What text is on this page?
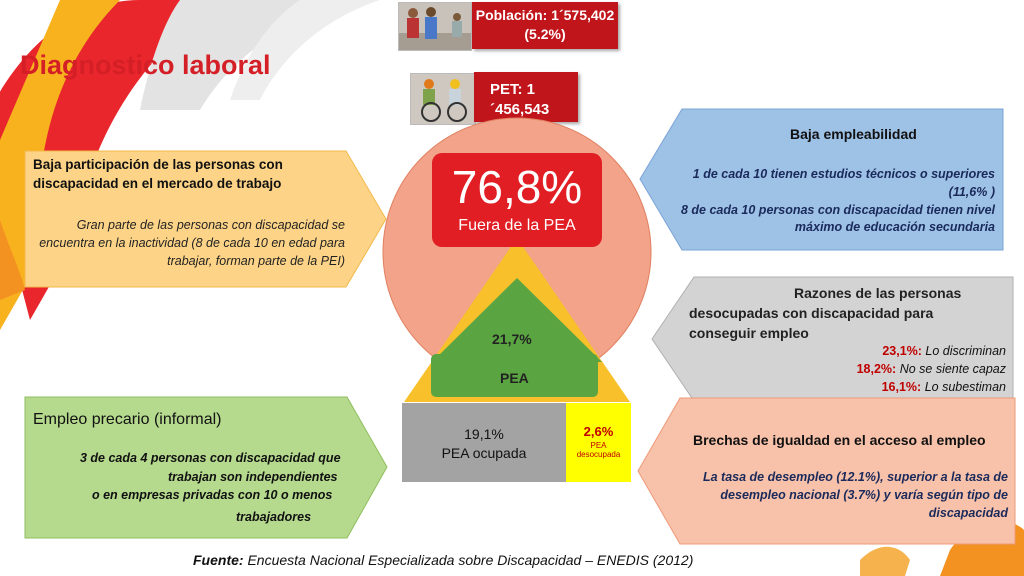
Diagnostico laboral
Población: 1´575,402
(5.2%)
PET: 1´456,543
76,8%
Fuera de la PEA
21,7%
PEA
19,1%
PEA ocupada
2,6%
PEA
desocupada
Baja participación de las personas con discapacidad en el mercado de trabajo
Gran parte de las personas con discapacidad se encuentra en la inactividad (8 de cada 10 en edad para trabajar, forman parte de la PEI)
Empleo precario (informal)
3 de cada 4 personas con discapacidad que
trabajan son independientes
o en empresas privadas con 10 o menos
trabajadores
Baja empleabilidad
1 de cada 10 tienen estudios técnicos o superiores (11,6% )
8 de cada 10 personas con discapacidad tienen nivel máximo de educación secundaria
Razones de las personas desocupadas con discapacidad para conseguir empleo
23,1%: Lo discriminan
18,2%: No se siente capaz
16,1%: Lo subestiman
Brechas de igualdad en el acceso al empleo
La tasa de desempleo (12.1%), superior a la tasa de desempleo nacional (3.7%) y varía según tipo de discapacidad
Fuente: Encuesta Nacional Especializada sobre Discapacidad – ENEDIS (2012)
